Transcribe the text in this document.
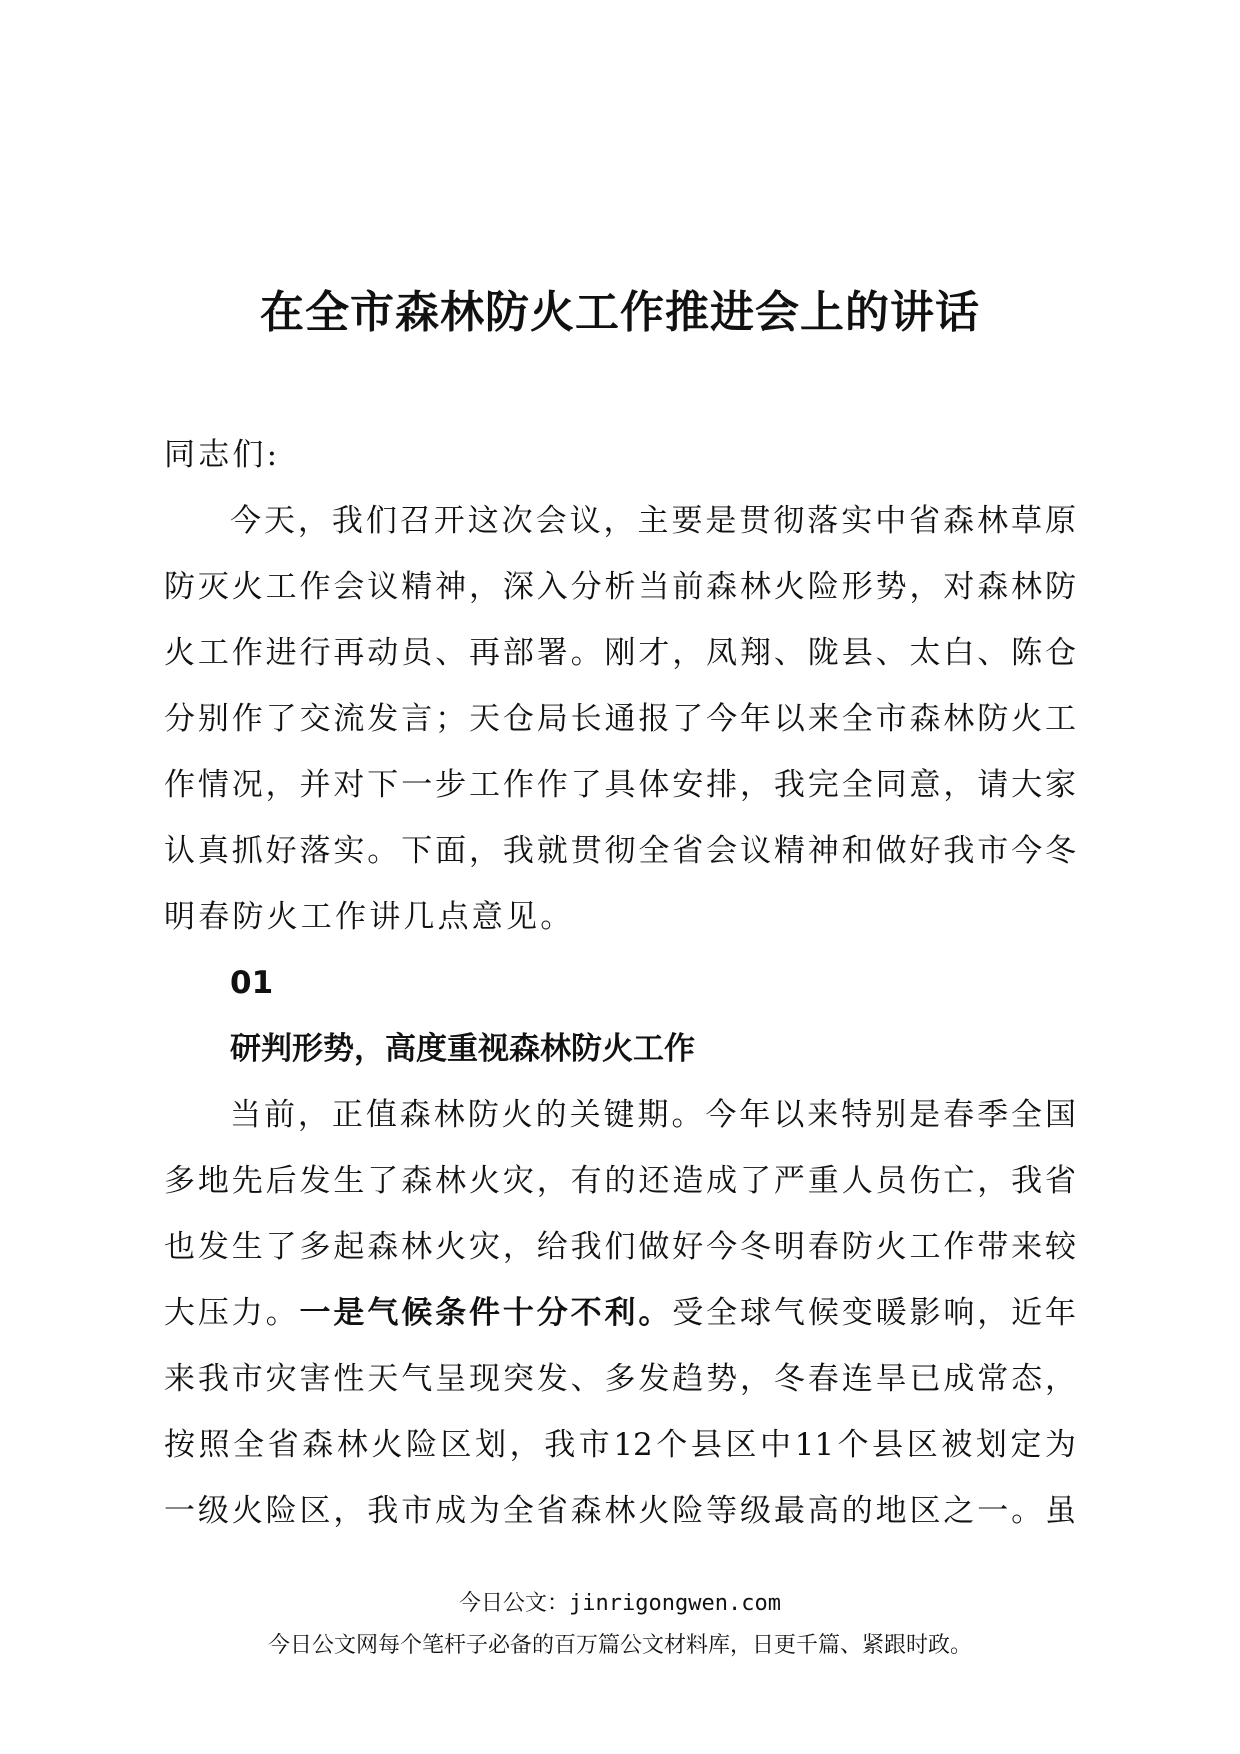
在全市森林防火工作推进会上的讲话
同志们:
今天，我们召开这次会议，主要是贯彻落实中省森林草原
防灭火工作会议精神，深入分析当前森林火险形势，对森林防
火工作进行再动员、再部署。刚才，凤翔、陇县、太白、陈仓
分别作了交流发言；天仓局长通报了今年以来全市森林防火工
作情况，并对下一步工作作了具体安排，我完全同意，请大家
认真抓好落实。下面，我就贯彻全省会议精神和做好我市今冬
明春防火工作讲几点意见。
01
研判形势，高度重视森林防火工作
当前，正值森林防火的关键期。今年以来特别是春季全国
多地先后发生了森林火灾，有的还造成了严重人员伤亡，我省
也发生了多起森林火灾，给我们做好今冬明春防火工作带来较
大压力。一是气候条件十分不利。受全球气候变暖影响，近年
来我市灾害性天气呈现突发、多发趋势，冬春连旱已成常态，
按照全省森林火险区划，我市12个县区中11个县区被划定为
一级火险区，我市成为全省森林火险等级最高的地区之一。虽
今日公文：jinrigongwen.com
今日公文网每个笔杆子必备的百万篇公文材料库，日更千篇、紧跟时政。
